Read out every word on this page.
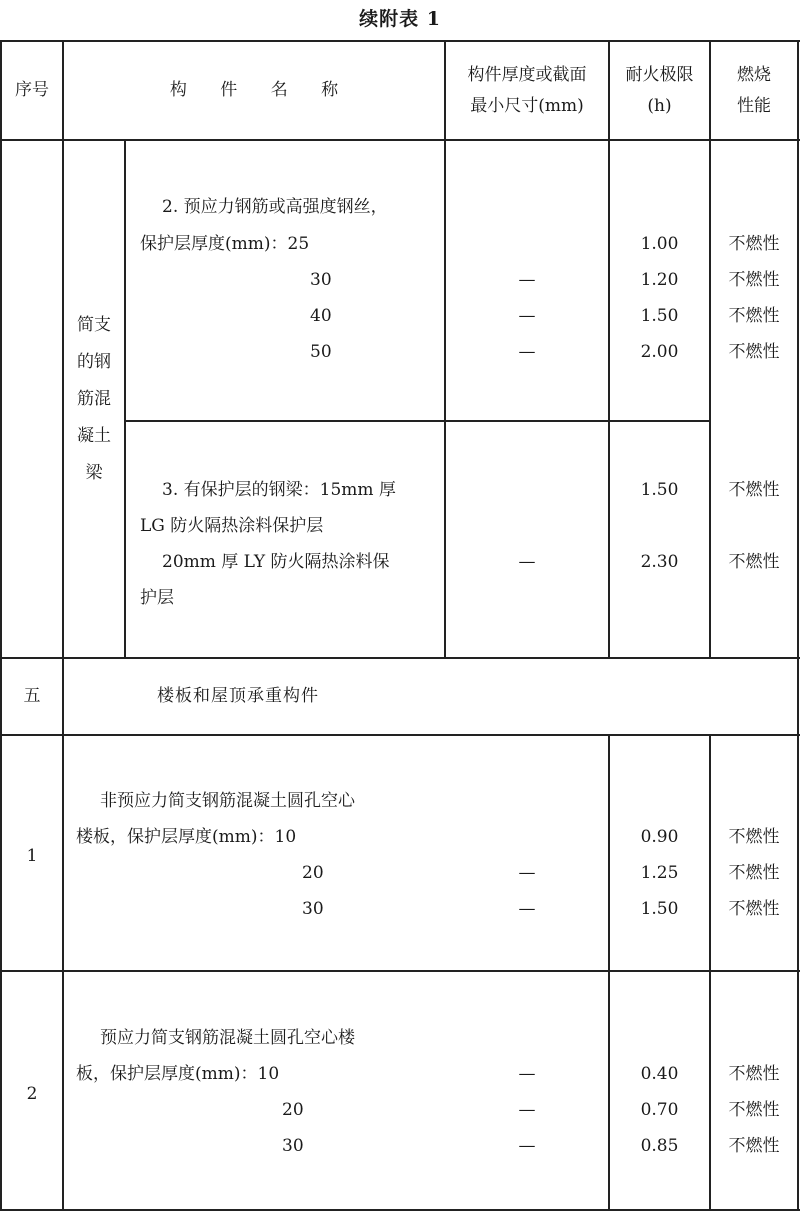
续附表 1
序号	构 件 名 称
构件厚度或截面
最小尺寸(mm)
耐火极限
(h)
燃烧
性能
简支
的钢
筋混
凝土
梁
2. 预应力钢筋或高强度钢丝，
保护层厚度(mm)：25
30
40
50
—
—
—
1.00
1.20
1.50
2.00
不燃性
不燃性
不燃性
不燃性
3. 有保护层的钢梁：15mm 厚
LG 防火隔热涂料保护层
20mm 厚 LY 防火隔热涂料保
护层
—
1.50
2.30
不燃性
不燃性
五	楼板和屋顶承重构件
1
非预应力简支钢筋混凝土圆孔空心
楼板，保护层厚度(mm)：10
20
30
—
—
0.90
1.25
1.50
不燃性
不燃性
不燃性
2
预应力简支钢筋混凝土圆孔空心楼
板，保护层厚度(mm)：10
20
30
—
—
—
0.40
0.70
0.85
不燃性
不燃性
不燃性
